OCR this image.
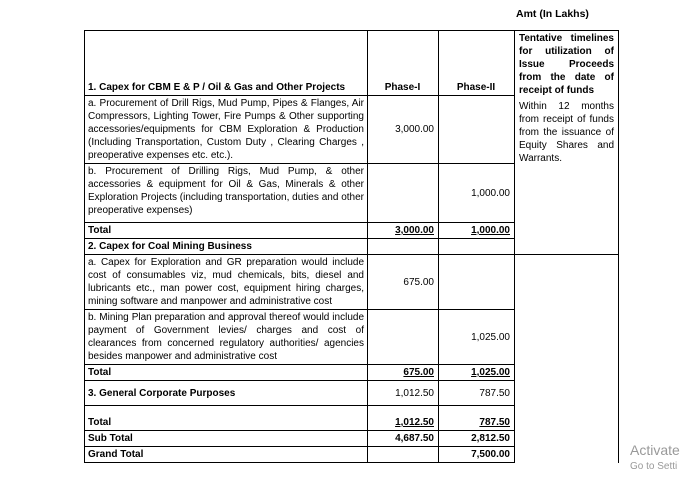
Amt (In Lakhs)
1. Capex for CBM E & P / Oil & Gas and Other Projects	Phase-I	Phase-II	Tentative timelines for utilization of Issue Proceeds from the date of receipt of funds
Within 12 months from receipt of funds from the issuance of Equity Shares and Warrants.

a. Procurement of Drill Rigs, Mud Pump, Pipes & Flanges, Air Compressors, Lighting Tower, Fire Pumps & Other supporting accessories/equipments for CBM Exploration & Production (Including Transportation, Custom Duty , Clearing Charges , preoperative expenses etc. etc.).	3,000.00		
b. Procurement of Drilling Rigs, Mud Pump, & other accessories & equipment for Oil & Gas, Minerals & other Exploration Projects (including transportation, duties and other preoperative expenses)		1,000.00	
Total	3,000.00	1,000.00	
2. Capex for Coal Mining Business			
a. Capex for Exploration and GR preparation would include cost of consumables viz, mud chemicals, bits, diesel and lubricants etc., man power cost, equipment hiring charges, mining software and manpower and administrative cost	675.00		
b. Mining Plan preparation and approval thereof would include payment of Government levies/ charges and cost of clearances from concerned regulatory authorities/ agencies besides manpower and administrative cost		1,025.00	
Total	675.00	1,025.00	
3. General Corporate Purposes	1,012.50	787.50	
Total	1,012.50	787.50	
Sub Total	4,687.50	2,812.50	
Grand Total		7,500.00		Activate
Go to Setti
